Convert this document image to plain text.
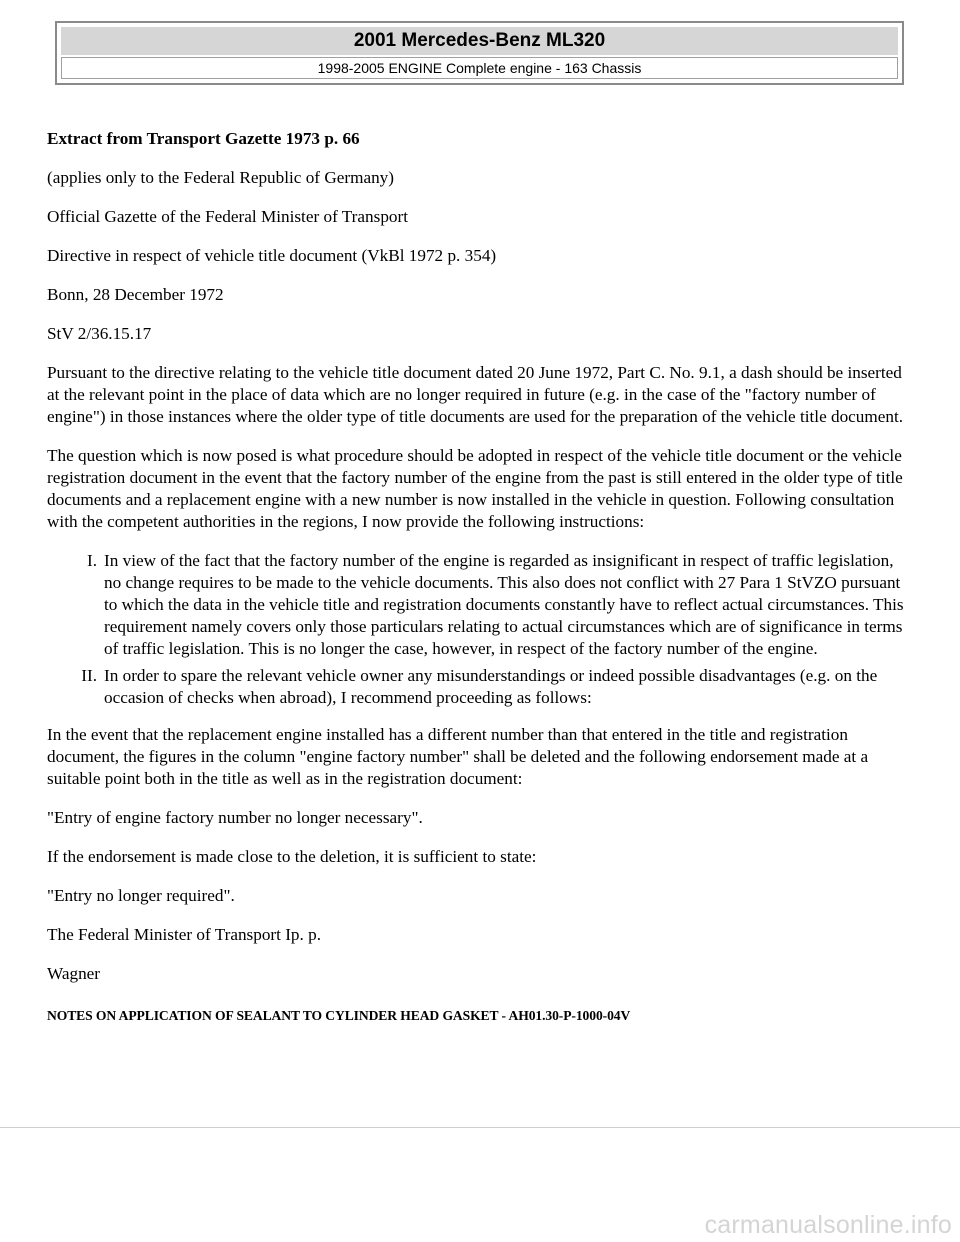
2001 Mercedes-Benz ML320
1998-2005 ENGINE Complete engine - 163 Chassis

Extract from Transport Gazette 1973 p. 66

(applies only to the Federal Republic of Germany)

Official Gazette of the Federal Minister of Transport

Directive in respect of vehicle title document (VkBl 1972 p. 354)

Bonn, 28 December 1972

StV 2/36.15.17

Pursuant to the directive relating to the vehicle title document dated 20 June 1972, Part C. No. 9.1, a dash should be inserted at the relevant point in the place of data which are no longer required in future (e.g. in the case of the "factory number of engine") in those instances where the older type of title documents are used for the preparation of the vehicle title document.

The question which is now posed is what procedure should be adopted in respect of the vehicle title document or the vehicle registration document in the event that the factory number of the engine from the past is still entered in the older type of title documents and a replacement engine with a new number is now installed in the vehicle in question. Following consultation with the competent authorities in the regions, I now provide the following instructions:

I. In view of the fact that the factory number of the engine is regarded as insignificant in respect of traffic legislation, no change requires to be made to the vehicle documents. This also does not conflict with 27 Para 1 StVZO pursuant to which the data in the vehicle title and registration documents constantly have to reflect actual circumstances. This requirement namely covers only those particulars relating to actual circumstances which are of significance in terms of traffic legislation. This is no longer the case, however, in respect of the factory number of the engine.
II. In order to spare the relevant vehicle owner any misunderstandings or indeed possible disadvantages (e.g. on the occasion of checks when abroad), I recommend proceeding as follows:

In the event that the replacement engine installed has a different number than that entered in the title and registration document, the figures in the column "engine factory number" shall be deleted and the following endorsement made at a suitable point both in the title as well as in the registration document:

"Entry of engine factory number no longer necessary".

If the endorsement is made close to the deletion, it is sufficient to state:

"Entry no longer required".

The Federal Minister of Transport Ip. p.

Wagner

NOTES ON APPLICATION OF SEALANT TO CYLINDER HEAD GASKET - AH01.30-P-1000-04V

carmanualsonline.info
